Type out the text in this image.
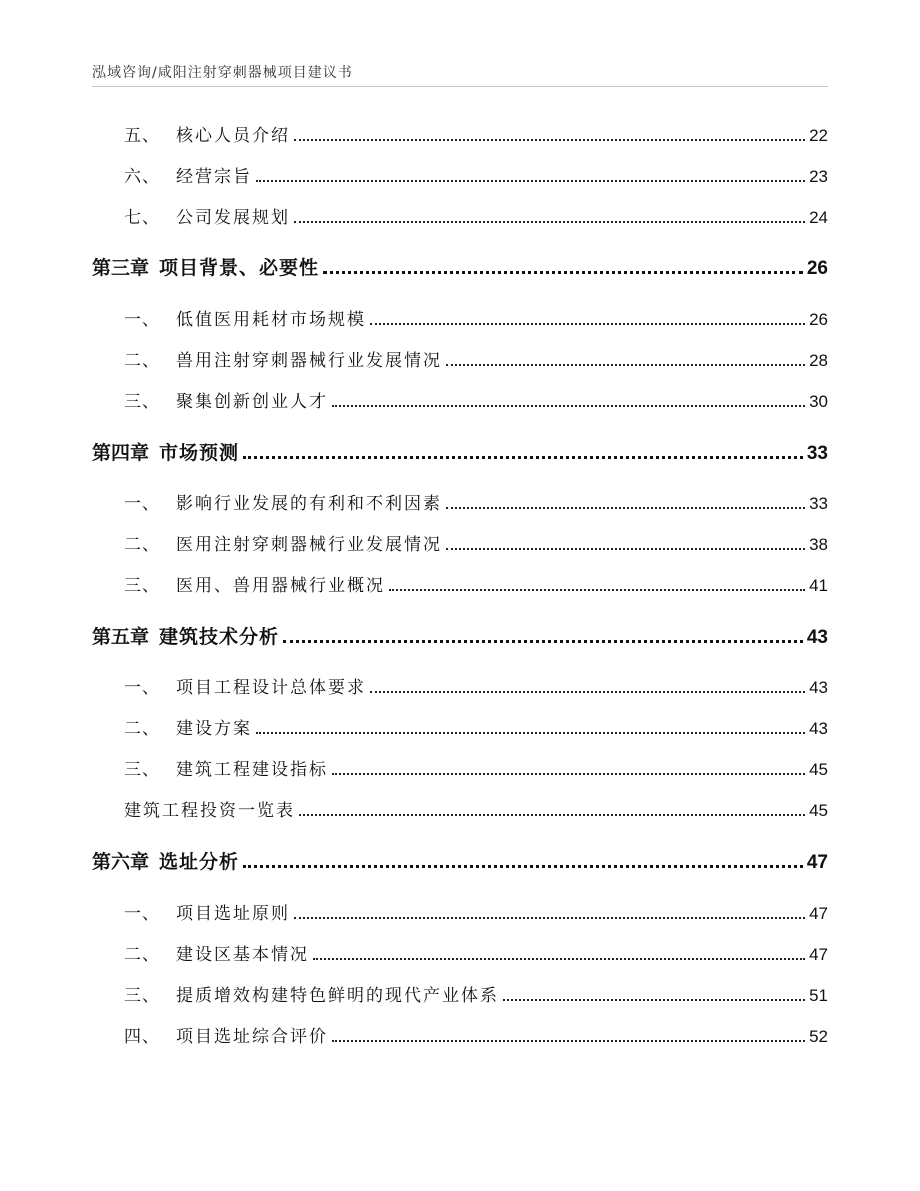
泓域咨询/咸阳注射穿刺器械项目建议书
五、 核心人员介绍	22
六、 经营宗旨	23
七、 公司发展规划	24
第三章 项目背景、必要性	26
一、 低值医用耗材市场规模	26
二、 兽用注射穿刺器械行业发展情况	28
三、 聚集创新创业人才	30
第四章 市场预测	33
一、 影响行业发展的有利和不利因素	33
二、 医用注射穿刺器械行业发展情况	38
三、 医用、兽用器械行业概况	41
第五章 建筑技术分析	43
一、 项目工程设计总体要求	43
二、 建设方案	43
三、 建筑工程建设指标	45
建筑工程投资一览表	45
第六章 选址分析	47
一、 项目选址原则	47
二、 建设区基本情况	47
三、 提质增效构建特色鲜明的现代产业体系	51
四、 项目选址综合评价	52
